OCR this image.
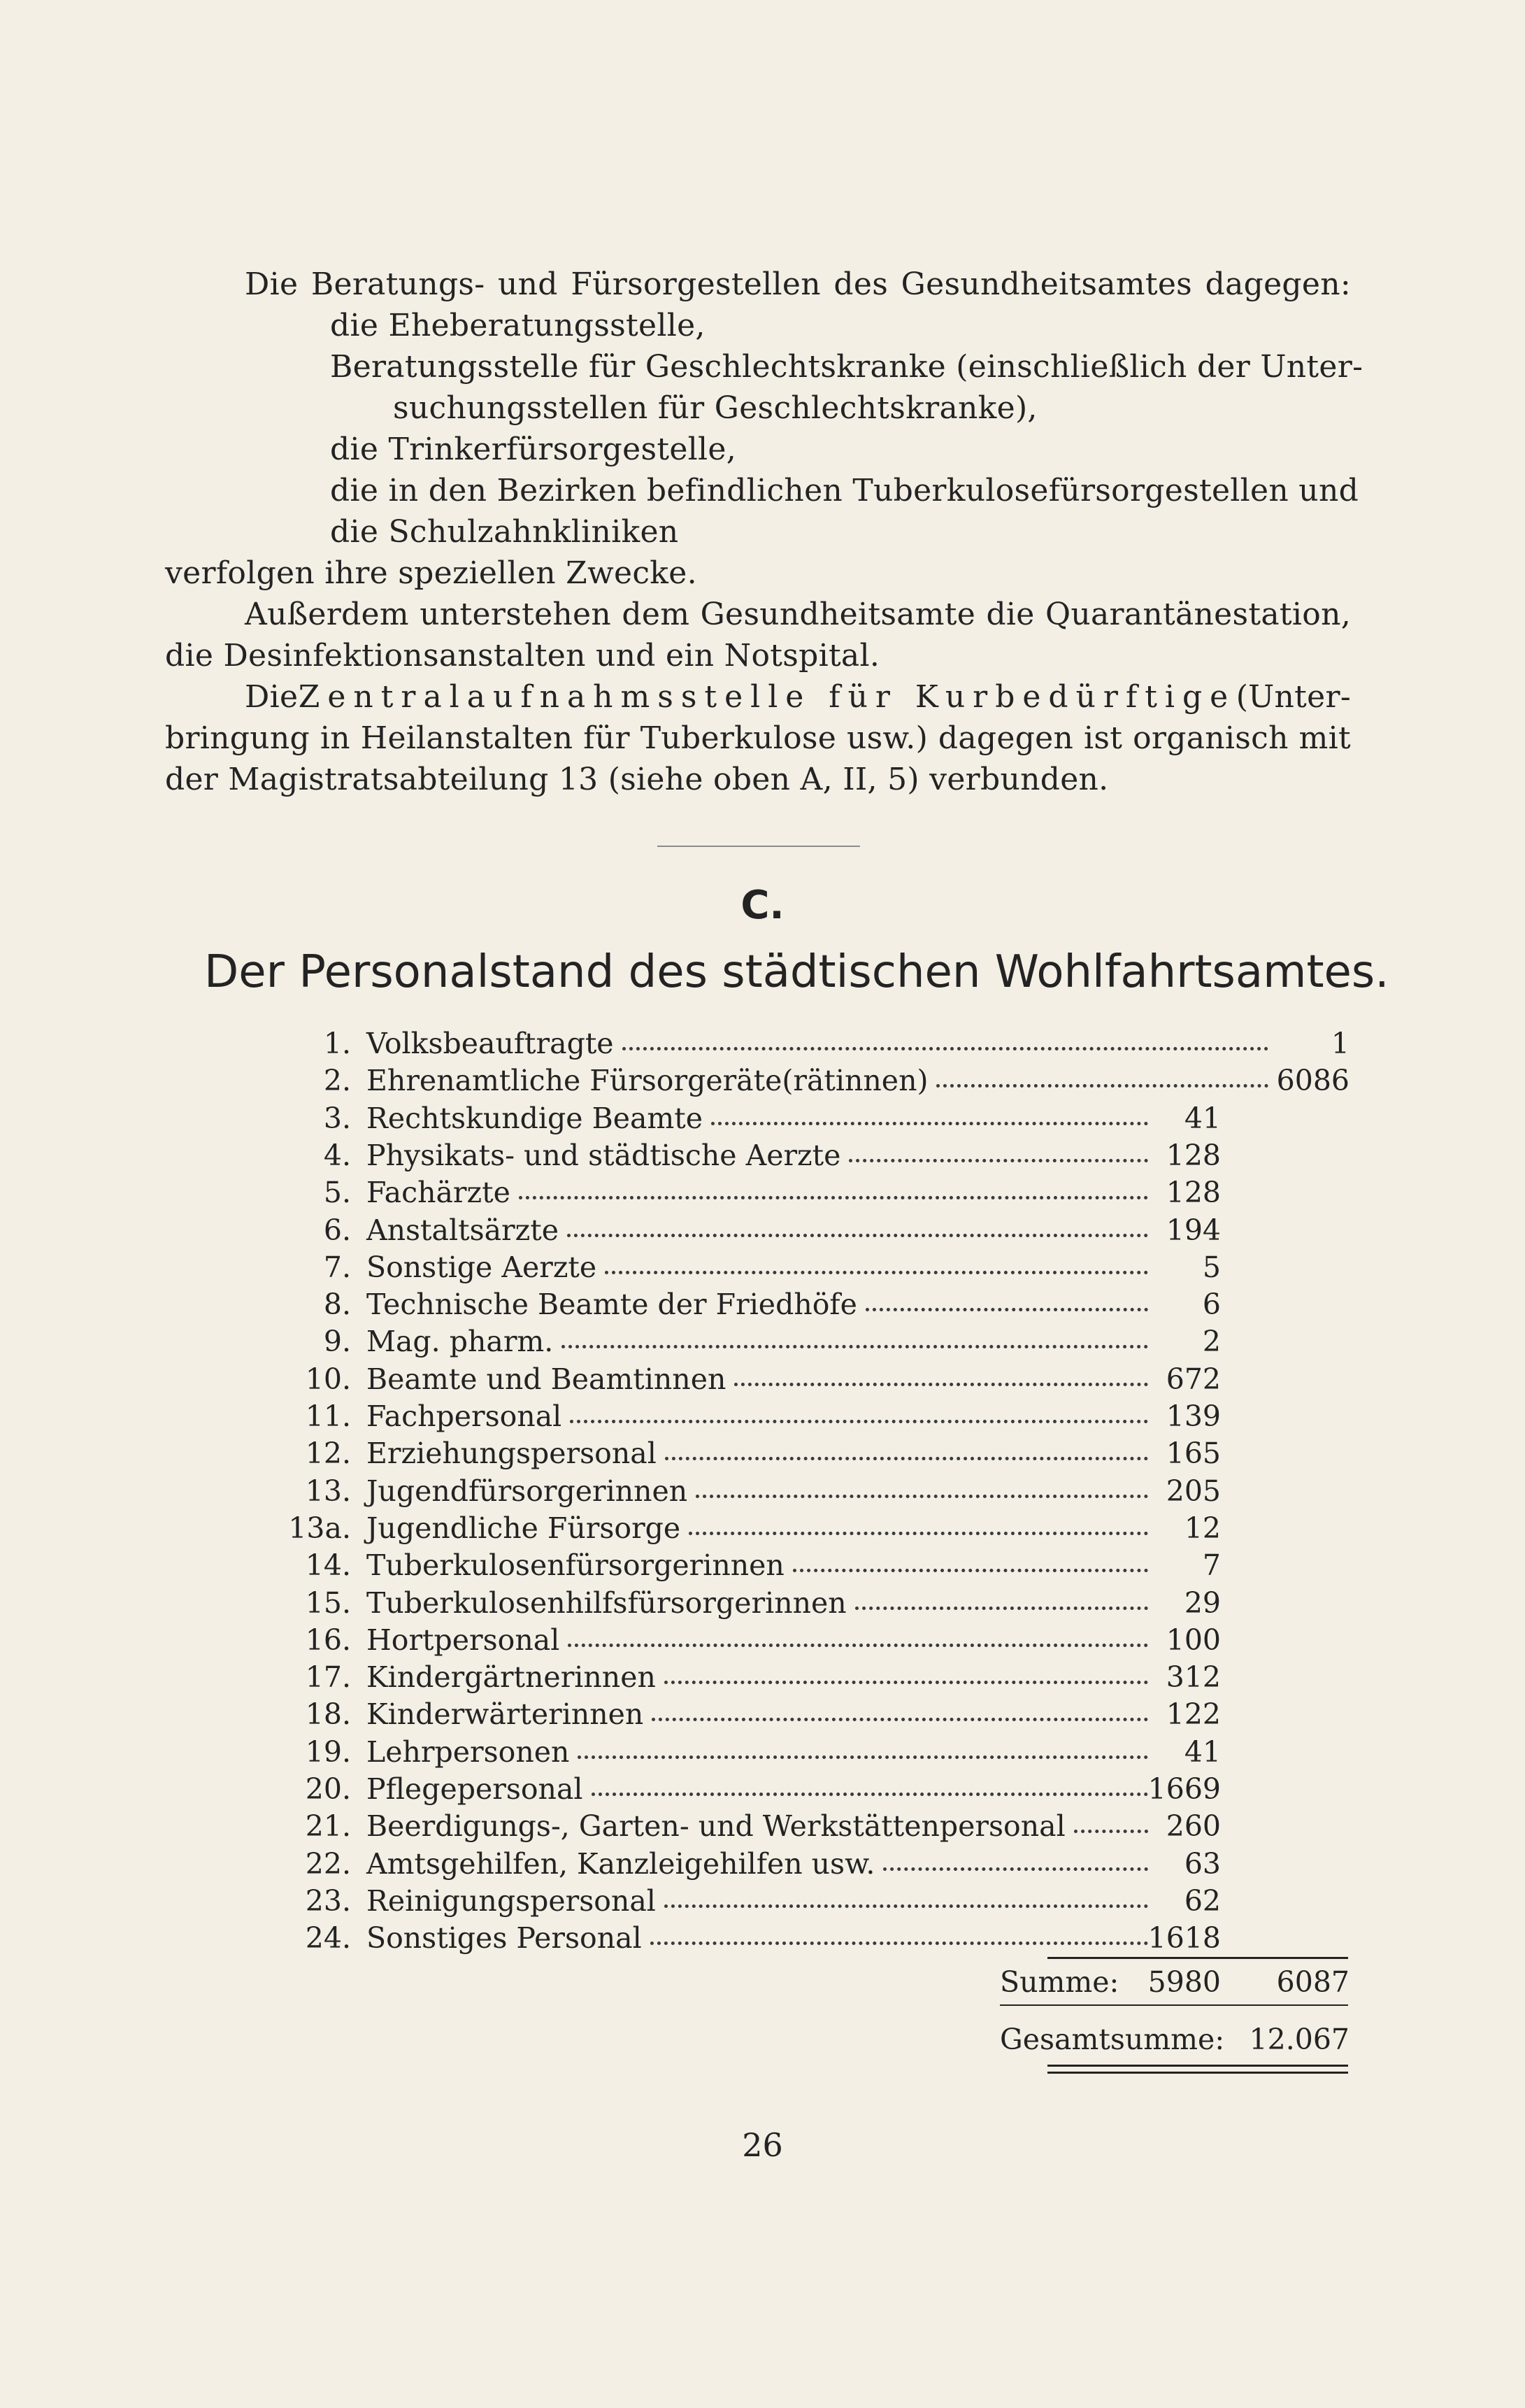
Die Beratungs- und Fürsorgestellen des Gesundheitsamtes dagegen:
die Eheberatungsstelle,
Beratungsstelle für Geschlechtskranke (einschließlich der Unter-
suchungsstellen für Geschlechtskranke),
die Trinkerfürsorgestelle,
die in den Bezirken befindlichen Tuberkulosefürsorgestellen und
die Schulzahnkliniken
verfolgen ihre speziellen Zwecke.
Außerdem unterstehen dem Gesundheitsamte die Quarantänestation,
die Desinfektionsanstalten und ein Notspital.
Die Zentralaufnahmsstelle für Kurbedürftige (Unter-
bringung in Heilanstalten für Tuberkulose usw.) dagegen ist organisch mit
der Magistratsabteilung 13 (siehe oben A, II, 5) verbunden.
C.
Der Personalstand des städtischen Wohlfahrtsamtes.
1. Volksbeauftragte	1
2. Ehrenamtliche Fürsorgeräte(rätinnen)	6086
3. Rechtskundige Beamte	41
4. Physikats- und städtische Aerzte	128
5. Fachärzte	128
6. Anstaltsärzte	194
7. Sonstige Aerzte	5
8. Technische Beamte der Friedhöfe	6
9. Mag. pharm.	2
10. Beamte und Beamtinnen	672
11. Fachpersonal	139
12. Erziehungspersonal	165
13. Jugendfürsorgerinnen	205
13a. Jugendliche Fürsorge	12
14. Tuberkulosenfürsorgerinnen	7
15. Tuberkulosenhilfsfürsorgerinnen	29
16. Hortpersonal	100
17. Kindergärtnerinnen	312
18. Kinderwärterinnen	122
19. Lehrpersonen	41
20. Pflegepersonal	1669
21. Beerdigungs-, Garten- und Werkstättenpersonal	260
22. Amtsgehilfen, Kanzleigehilfen usw.	63
23. Reinigungspersonal	62
24. Sonstiges Personal	1618
Summe: 5980 6087
Gesamtsumme: 12.067
26
